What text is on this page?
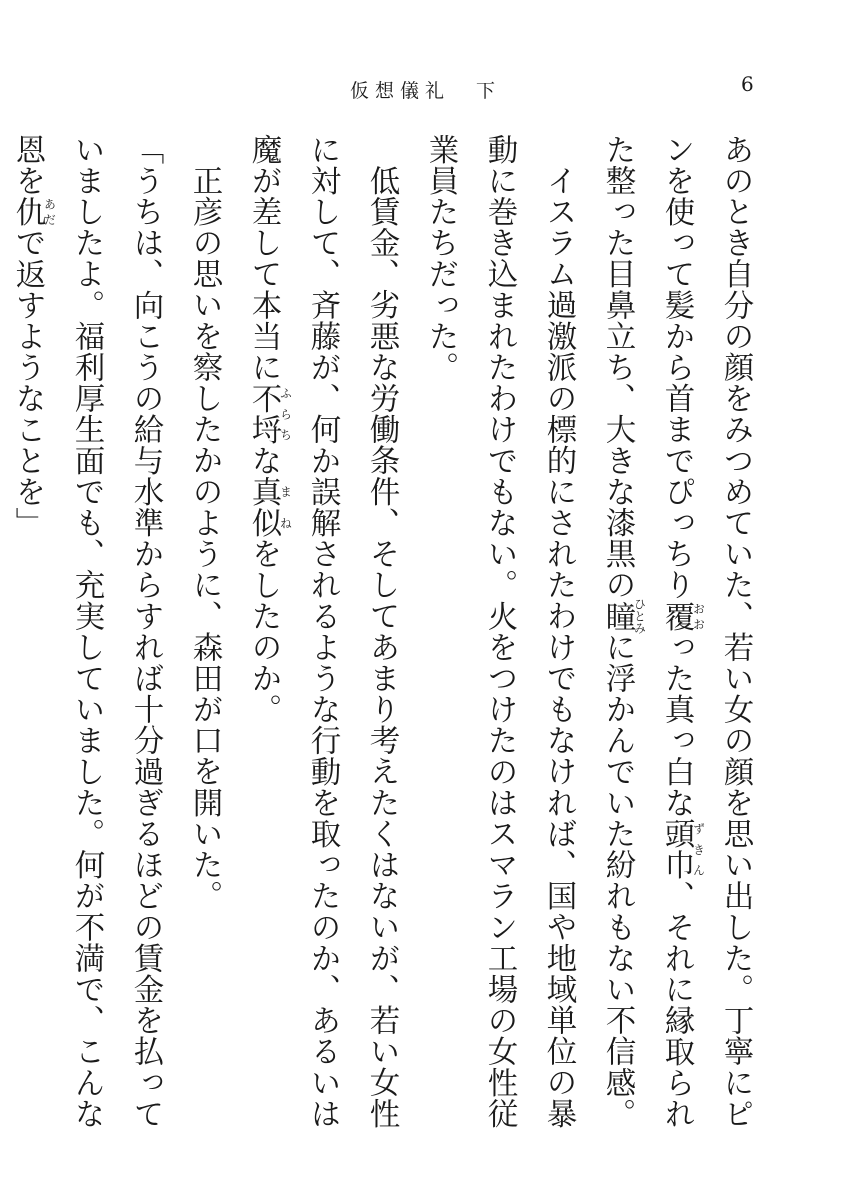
仮想儀礼 下	6

あのとき自分の顔をみつめていた、若い女の顔を思い出した。丁寧にピンを使って髪から首までぴっちり覆おおった真っ白な頭巾ずきん、それに縁取られた整った目鼻立ち、大きな漆黒の瞳ひとみに浮かんでいた紛れもない不信感。

イスラム過激派の標的にされたわけでもなければ、国や地域単位の暴動に巻き込まれたわけでもない。火をつけたのはスマラン工場の女性従業員たちだった。

低賃金、劣悪な労働条件、そしてあまり考えたくはないが、若い女性に対して、斉藤が、何か誤解されるような行動を取ったのか、あるいは魔が差して本当に不埒ふらちな真似まねをしたのか。

正彦の思いを察したかのように、森田が口を開いた。

「うちは、向こうの給与水準からすれば十分過ぎるほどの賃金を払っていましたよ。福利厚生面でも、充実していました。何が不満で、こんな恩を仇あだで返すようなことを」
